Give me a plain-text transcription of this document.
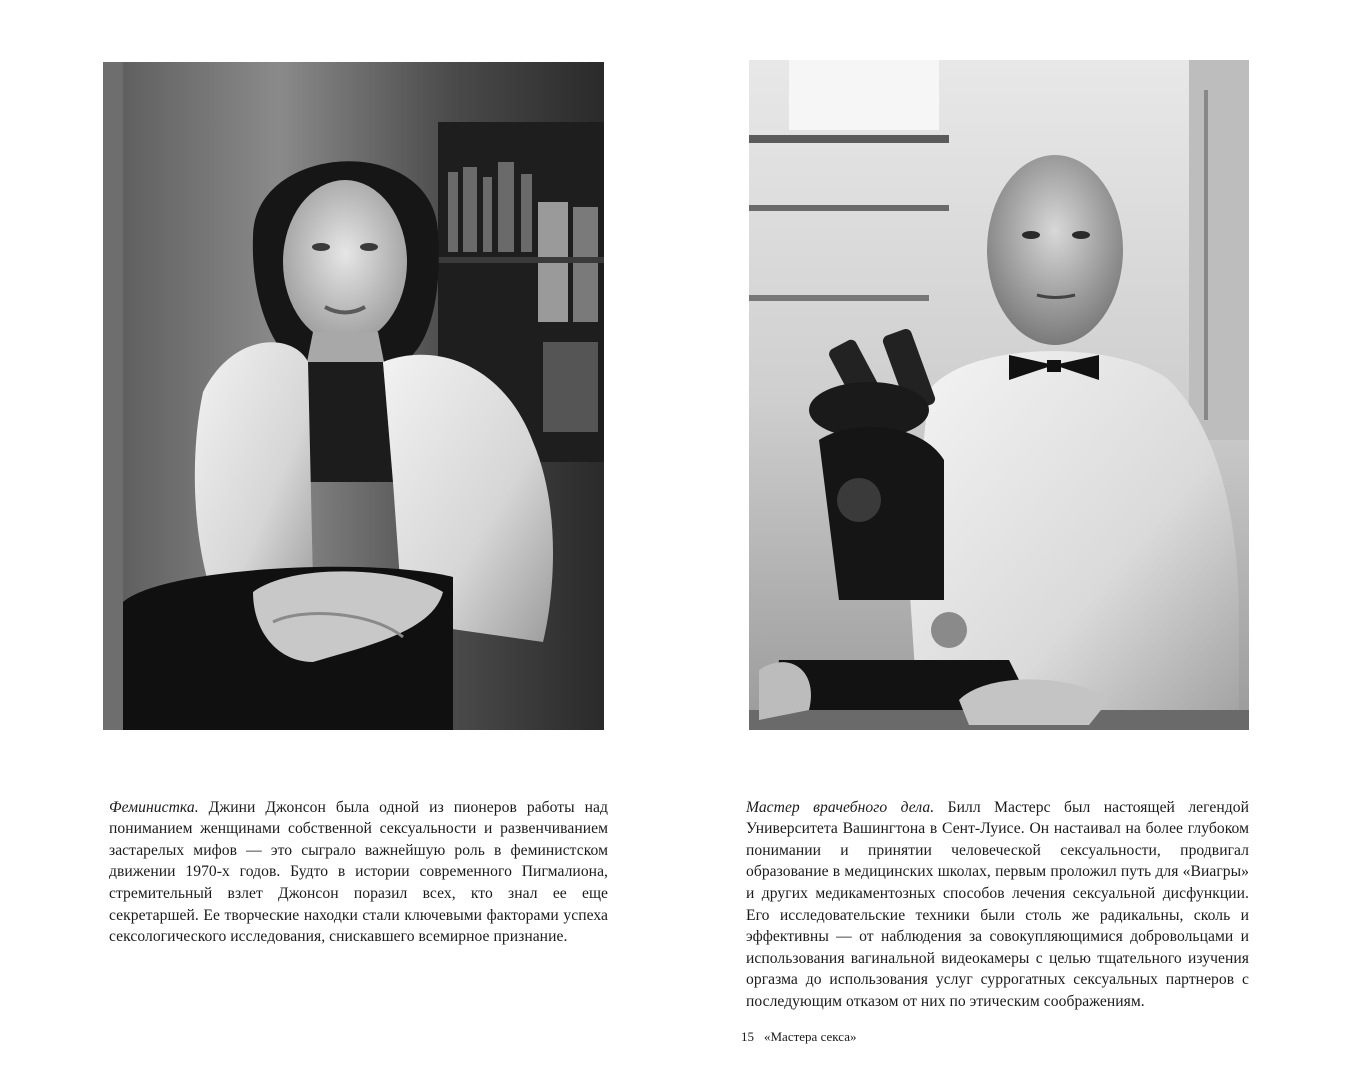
Феминистка. Джини Джонсон была одной из пионеров работы над пониманием женщинами собственной сексуальности и развенчиванием застарелых мифов — это сыграло важнейшую роль в феминистском движении 1970-х годов. Будто в истории современного Пигмалиона, стремительный взлет Джонсон поразил всех, кто знал ее еще секретаршей. Ее творческие находки стали ключевыми факторами успеха сексологического исследования, снискавшего всемирное признание.

Мастер врачебного дела. Билл Мастерс был настоящей легендой Университета Вашингтона в Сент-Луисе. Он настаивал на более глубоком понимании и принятии человеческой сексуальности, продвигал образование в медицинских школах, первым проложил путь для «Виагры» и других медикаментозных способов лечения сексуальной дисфункции. Его исследовательские техники были столь же радикальны, сколь и эффективны — от наблюдения за совокупляющимися добровольцами и использования вагинальной видеокамеры с целью тщательного изучения оргазма до использования услуг суррогатных сексуальных партнеров с последующим отказом от них по этическим соображениям.

15 «Мастера секса»
